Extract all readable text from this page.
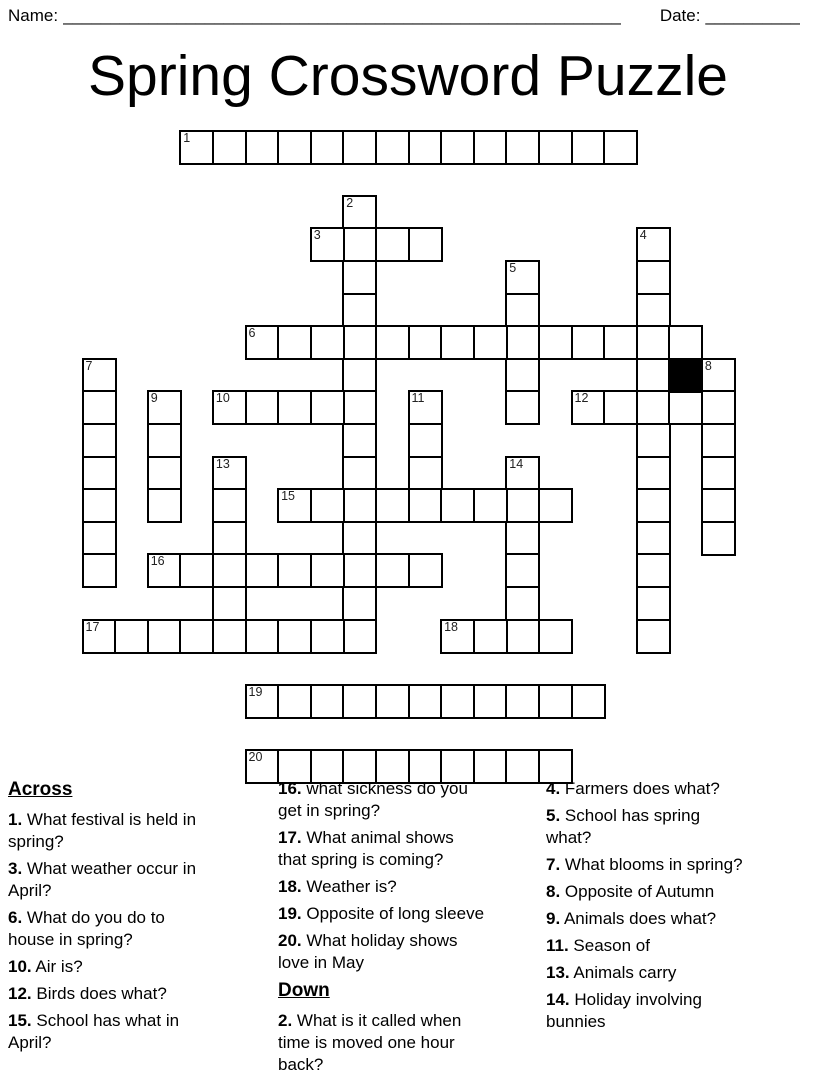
Name: ___________________________________________________________ Date: __________
Spring Crossword Puzzle
1
2
3	4
5
6
7	8
9	10	11	12
13	14
15
16
17	18
19
20
Across
1. What festival is held in spring?
3. What weather occur in April?
6. What do you do to house in spring?
10. Air is?
12. Birds does what?
15. School has what in April?
16. what sickness do you get in spring?
17. What animal shows that spring is coming?
18. Weather is?
19. Opposite of long sleeve
20. What holiday shows love in May
Down
2. What is it called when time is moved one hour back?
4. Farmers does what?
5. School has spring what?
7. What blooms in spring?
8. Opposite of Autumn
9. Animals does what?
11. Season of
13. Animals carry
14. Holiday involving bunnies
